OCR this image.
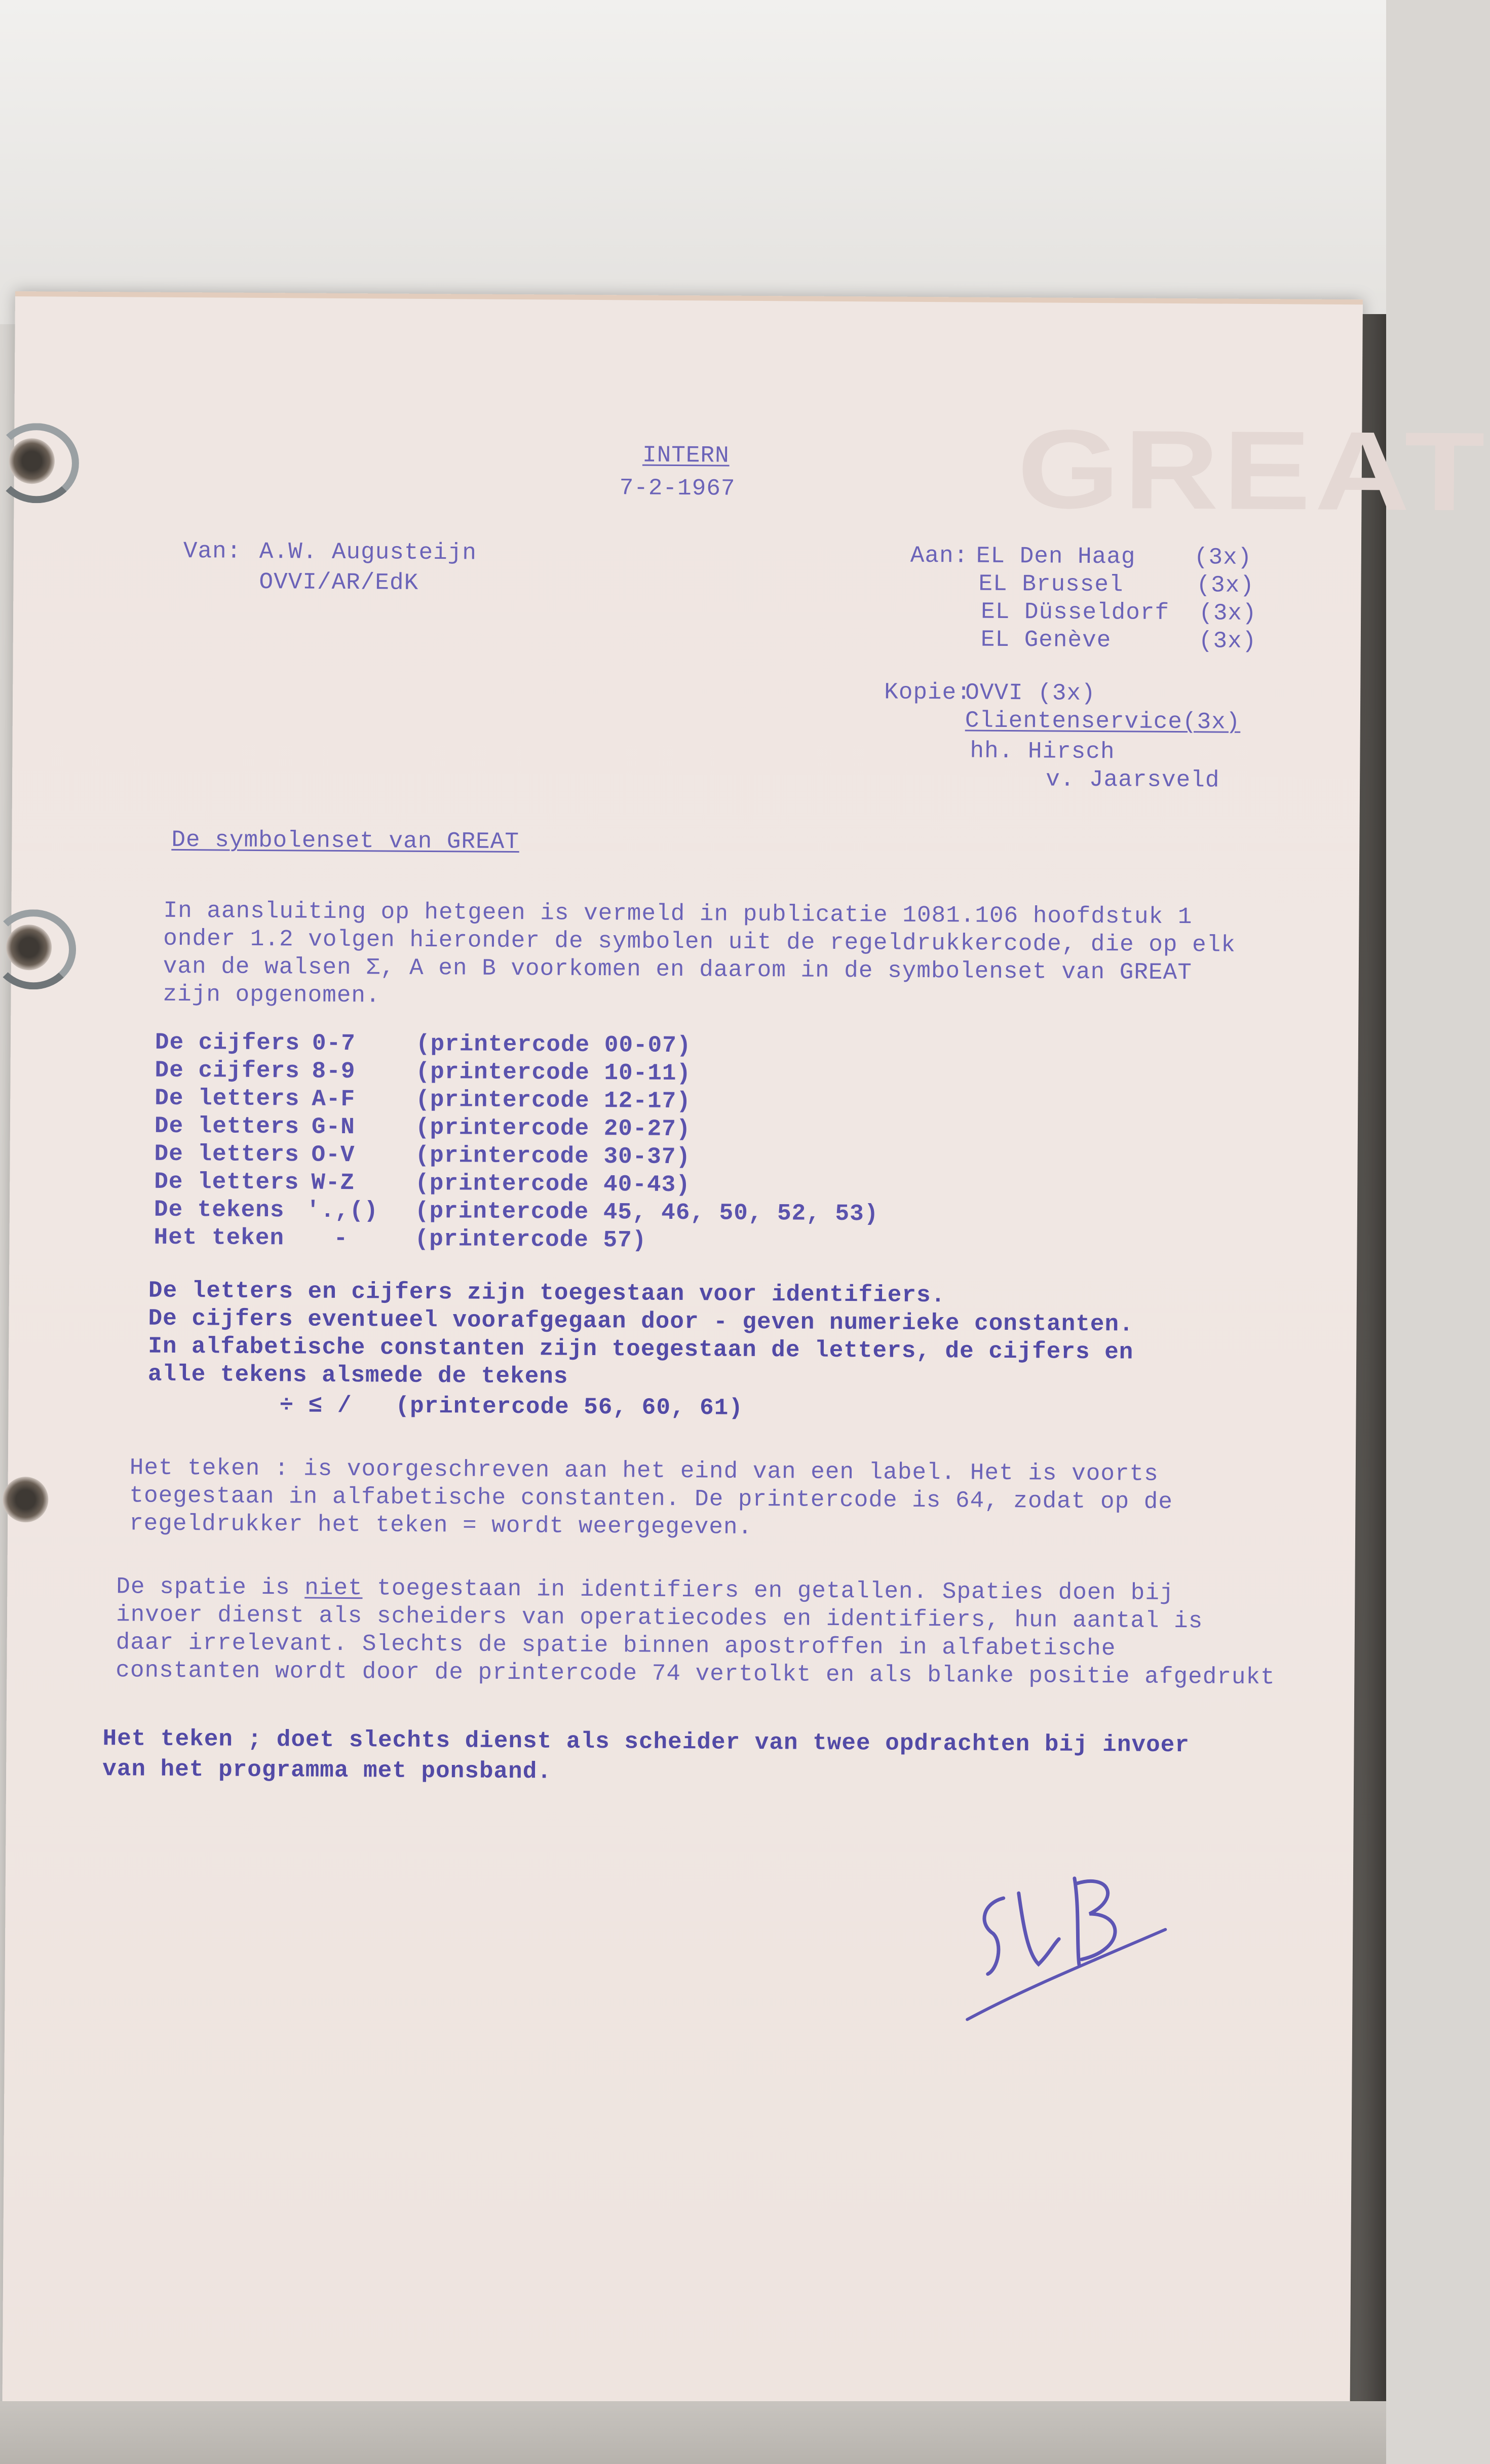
GREAT
INTERN
7-2-1967
Van: A.W. Augusteijn
OVVI/AR/EdK
Aan: EL Den Haag	(3x)
EL Brussel	(3x)
EL Düsseldorf (3x)
EL Genève	(3x)
Kopie:
OVVI (3x)
Clientenservice(3x)
hh. Hirsch
v. Jaarsveld
De symbolenset van GREAT
In aansluiting op hetgeen is vermeld in publicatie 1081.106 hoofdstuk 1
onder 1.2 volgen hieronder de symbolen uit de regeldrukkercode, die op elk
van de walsen Σ, A en B voorkomen en daarom in de symbolenset van GREAT
zijn opgenomen.
De cijfers 0-7	(printercode 00-07)
De cijfers 8-9	(printercode 10-11)
De letters A-F	(printercode 12-17)
De letters G-N	(printercode 20-27)
De letters O-V	(printercode 30-37)
De letters W-Z	(printercode 40-43)
De tekens '.,() (printercode 45, 46, 50, 52, 53)
Het teken -	(printercode 57)
De letters en cijfers zijn toegestaan voor identifiers.
De cijfers eventueel voorafgegaan door - geven numerieke constanten.
In alfabetische constanten zijn toegestaan de letters, de cijfers en
alle tekens alsmede de tekens
÷ ≤ /   (printercode 56, 60, 61)
Het teken : is voorgeschreven aan het eind van een label. Het is voorts
toegestaan in alfabetische constanten. De printercode is 64, zodat op de
regeldrukker het teken = wordt weergegeven.
De spatie is niet toegestaan in identifiers en getallen. Spaties doen bij
invoer dienst als scheiders van operatiecodes en identifiers, hun aantal is
daar irrelevant. Slechts de spatie binnen apostroffen in alfabetische
constanten wordt door de printercode 74 vertolkt en als blanke positie afgedrukt
Het teken ; doet slechts dienst als scheider van twee opdrachten bij invoer
van het programma met ponsband.
